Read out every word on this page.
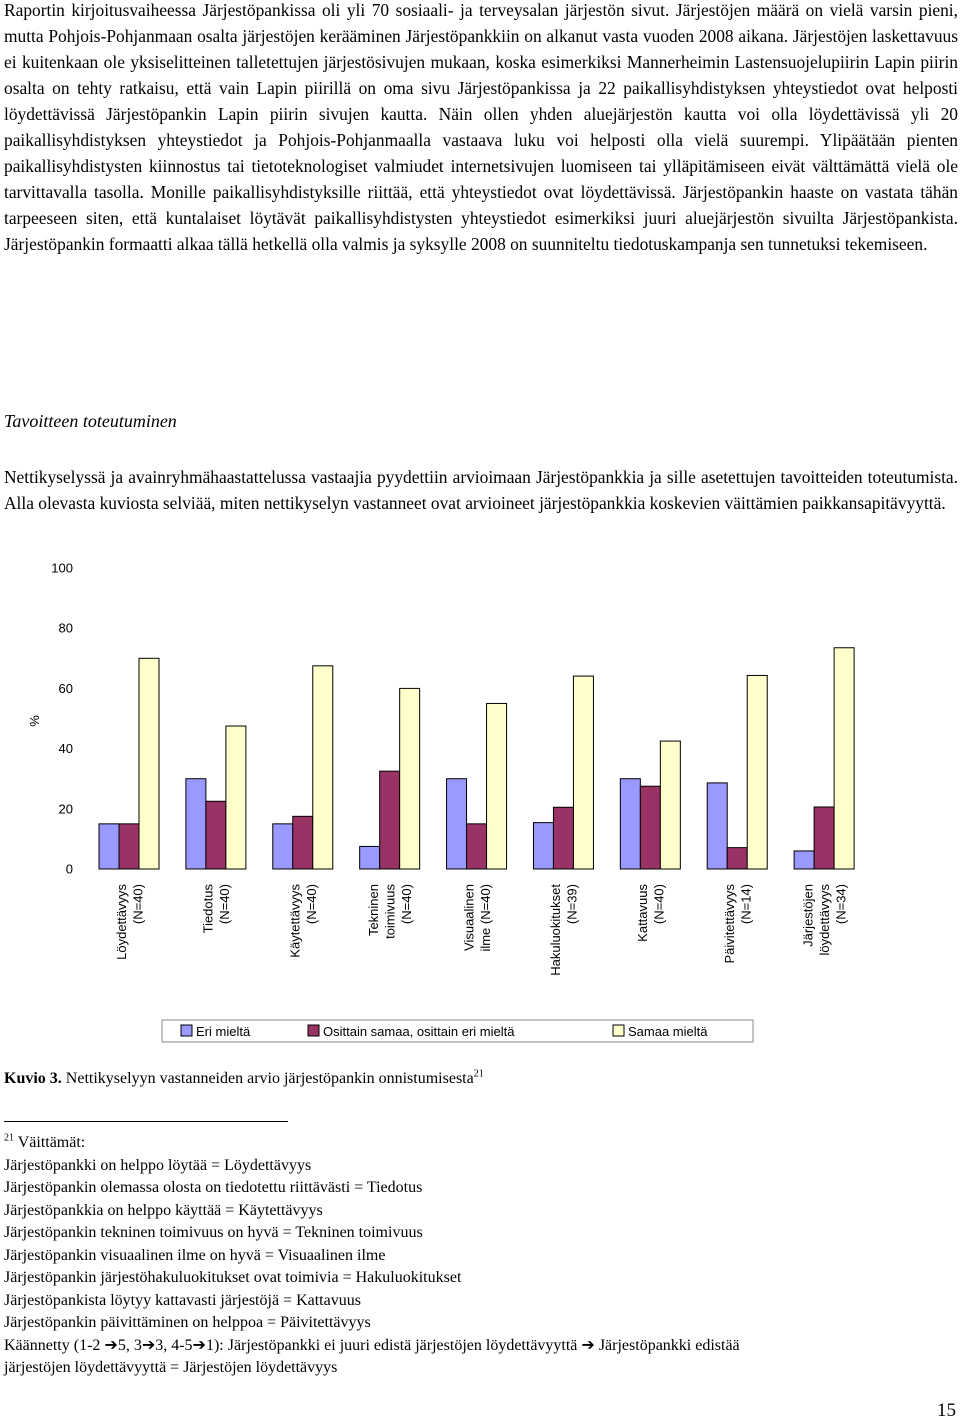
Raportin kirjoitusvaiheessa Järjestöpankissa oli yli 70 sosiaali- ja terveysalan järjestön sivut. Järjestöjen määrä on vielä varsin pieni, mutta Pohjois-Pohjanmaan osalta järjestöjen kerääminen Järjestöpankkiin on alkanut vasta vuoden 2008 aikana. Järjestöjen laskettavuus ei kuitenkaan ole yksiselitteinen talletettujen järjestösivujen mukaan, koska esimerkiksi Mannerheimin Lastensuojelupiirin Lapin piirin osalta on tehty ratkaisu, että vain Lapin piirillä on oma sivu Järjestöpankissa ja 22 paikallisyhdistyksen yhteystiedot ovat helposti löydettävissä Järjestöpankin Lapin piirin sivujen kautta. Näin ollen yhden aluejärjestön kautta voi olla löydettävissä yli 20 paikallisyhdistyksen yhteystiedot ja Pohjois-Pohjanmaalla vastaava luku voi helposti olla vielä suurempi. Ylipäätään pienten paikallisyhdistysten kiinnostus tai tietoteknologiset valmiudet internetsivujen luomiseen tai ylläpitämiseen eivät välttämättä vielä ole tarvittavalla tasolla. Monille paikallisyhdistyksille riittää, että yhteystiedot ovat löydettävissä. Järjestöpankin haaste on vastata tähän tarpeeseen siten, että kuntalaiset löytävät paikallisyhdistysten yhteystiedot esimerkiksi juuri aluejärjestön sivuilta Järjestöpankista. Järjestöpankin formaatti alkaa tällä hetkellä olla valmis ja syksylle 2008 on suunniteltu tiedotuskampanja sen tunnetuksi tekemiseen.

Tavoitteen toteutuminen

Nettikyselyssä ja avainryhmähaastattelussa vastaajia pyydettiin arvioimaan Järjestöpankkia ja sille asetettujen tavoitteiden toteutumista. Alla olevasta kuviosta selviää, miten nettikyselyn vastanneet ovat arvioineet järjestöpankkia koskevien väittämien paikkansapitävyyttä.

0
20
40
60
80
100
Löydettävyys (N=40)	Tiedotus (N=40)	Käytettävyys (N=40)	Tekninen toimivuus (N=40)	Visuaalinen ilme (N=40)	Hakuluokitukset (N=39)	Kattavuus (N=40)	Päivitettävyys (N=14)	Järjestöjen löydettävyys (N=34)
%
Eri mieltä	Osittain samaa, osittain eri mieltä	Samaa mieltä

Kuvio 3. Nettikyselyyn vastanneiden arvio järjestöpankin onnistumisesta$^{21}$

$^{21}$ Väittämät:
Järjestöpankki on helppo löytää = Löydettävyys
Järjestöpankin olemassa olosta on tiedotettu riittävästi = Tiedotus
Järjestöpankkia on helppo käyttää = Käytettävyys
Järjestöpankin tekninen toimivuus on hyvä = Tekninen toimivuus
Järjestöpankin visuaalinen ilme on hyvä = Visuaalinen ilme
Järjestöpankin järjestöhakuluokitukset ovat toimivia = Hakuluokitukset
Järjestöpankista löytyy kattavasti järjestöjä = Kattavuus
Järjestöpankin päivittäminen on helppoa = Päivitettävyys
Käännetty (1-2 ➔5, 3➔3, 4-5➔1): Järjestöpankki ei juuri edistä järjestöjen löydettävyyttä ➔ Järjestöpankki edistää
järjestöjen löydettävyyttä = Järjestöjen löydettävyys

15
